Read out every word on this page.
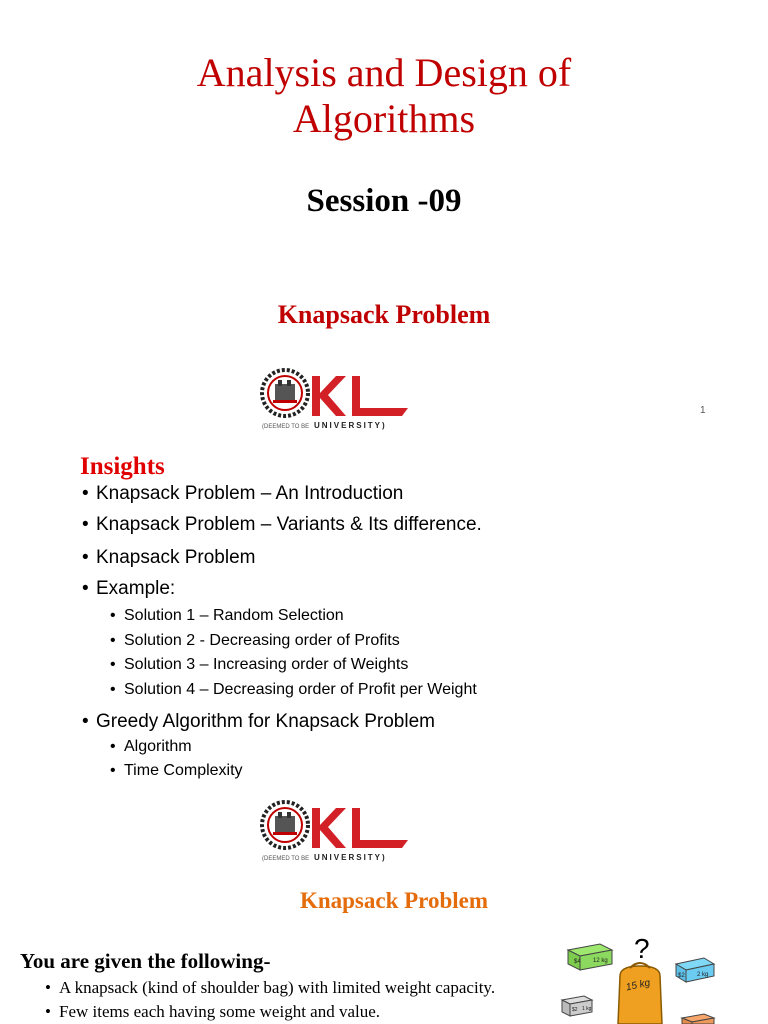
Analysis and Design of
Algorithms
Session -09
Knapsack Problem
(DEEMED TO BE UNIVERSITY)
1
Insights
• Knapsack Problem – An Introduction
• Knapsack Problem – Variants & Its difference.
• Knapsack Problem
• Example:
• Solution 1 – Random Selection
• Solution 2 - Decreasing order of Profits
• Solution 3 – Increasing order of Weights
• Solution 4 – Decreasing order of Profit per Weight
• Greedy Algorithm for Knapsack Problem
• Algorithm
• Time Complexity
(DEEMED TO BE UNIVERSITY)
Knapsack Problem
You are given the following-
• A knapsack (kind of shoulder bag) with limited weight capacity.
• Few items each having some weight and value.
$4 12 kg ?
15 kg
$2 2 kg
$2 1 kg
